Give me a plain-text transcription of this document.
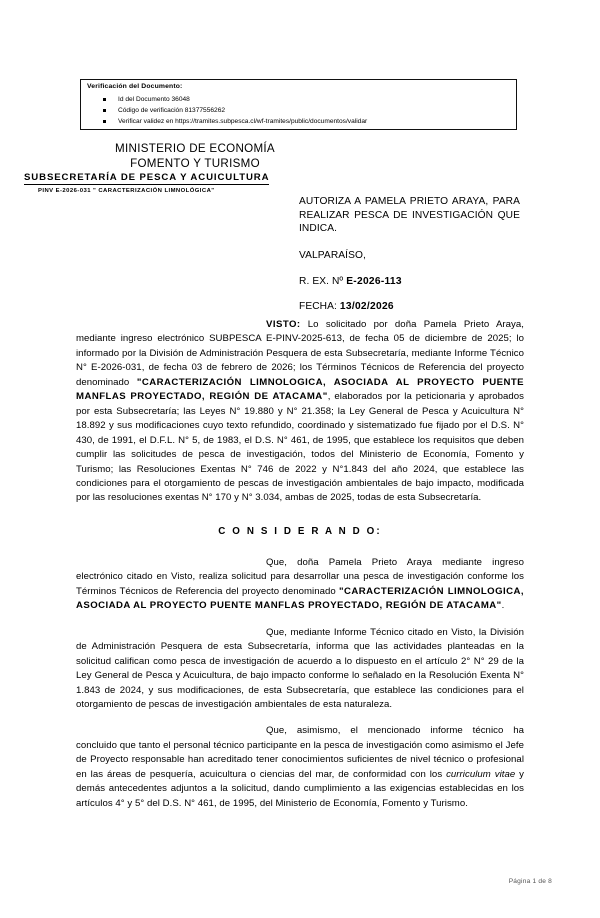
Verificación del Documento:
Id del Documento 36048
Código de verificación 81377556262
Verificar validez en https://tramites.subpesca.cl/wf-tramites/public/documentos/validar
MINISTERIO DE ECONOMÍA
FOMENTO Y TURISMO
SUBSECRETARÍA DE PESCA Y ACUICULTURA
PINV E-2026-031 " CARACTERIZACIÓN LIMNOLÓGICA"
AUTORIZA A PAMELA PRIETO ARAYA, PARA REALIZAR PESCA DE INVESTIGACIÓN QUE INDICA.
VALPARAÍSO,
R. EX. Nº E-2026-113
FECHA: 13/02/2026

VISTO: Lo solicitado por doña Pamela Prieto Araya, mediante ingreso electrónico SUBPESCA E-PINV-2025-613, de fecha 05 de diciembre de 2025; lo informado por la División de Administración Pesquera de esta Subsecretaría, mediante Informe Técnico N° E-2026-031, de fecha 03 de febrero de 2026; los Términos Técnicos de Referencia del proyecto denominado "CARACTERIZACIÓN LIMNOLOGICA, ASOCIADA AL PROYECTO PUENTE MANFLAS PROYECTADO, REGIÓN DE ATACAMA", elaborados por la peticionaria y aprobados por esta Subsecretaría; las Leyes N° 19.880 y N° 21.358; la Ley General de Pesca y Acuicultura N° 18.892 y sus modificaciones cuyo texto refundido, coordinado y sistematizado fue fijado por el D.S. N° 430, de 1991, el D.F.L. N° 5, de 1983, el D.S. N° 461, de 1995, que establece los requisitos que deben cumplir las solicitudes de pesca de investigación, todos del Ministerio de Economía, Fomento y Turismo; las Resoluciones Exentas N° 746 de 2022 y N°1.843 del año 2024, que establece las condiciones para el otorgamiento de pescas de investigación ambientales de bajo impacto, modificada por las resoluciones exentas N° 170 y N° 3.034, ambas de 2025, todas de esta Subsecretaría.

C O N S I D E R A N D O:

Que, doña Pamela Prieto Araya mediante ingreso electrónico citado en Visto, realiza solicitud para desarrollar una pesca de investigación conforme los Términos Técnicos de Referencia del proyecto denominado "CARACTERIZACIÓN LIMNOLOGICA, ASOCIADA AL PROYECTO PUENTE MANFLAS PROYECTADO, REGIÓN DE ATACAMA".

Que, mediante Informe Técnico citado en Visto, la División de Administración Pesquera de esta Subsecretaría, informa que las actividades planteadas en la solicitud califican como pesca de investigación de acuerdo a lo dispuesto en el artículo 2° N° 29 de la Ley General de Pesca y Acuicultura, de bajo impacto conforme lo señalado en la Resolución Exenta N° 1.843 de 2024, y sus modificaciones, de esta Subsecretaría, que establece las condiciones para el otorgamiento de pescas de investigación ambientales de esta naturaleza.

Que, asimismo, el mencionado informe técnico ha concluido que tanto el personal técnico participante en la pesca de investigación como asimismo el Jefe de Proyecto responsable han acreditado tener conocimientos suficientes de nivel técnico o profesional en las áreas de pesquería, acuicultura o ciencias del mar, de conformidad con los curriculum vitae y demás antecedentes adjuntos a la solicitud, dando cumplimiento a las exigencias establecidas en los artículos 4° y 5° del D.S. N° 461, de 1995, del Ministerio de Economía, Fomento y Turismo.

Página 1 de 8
